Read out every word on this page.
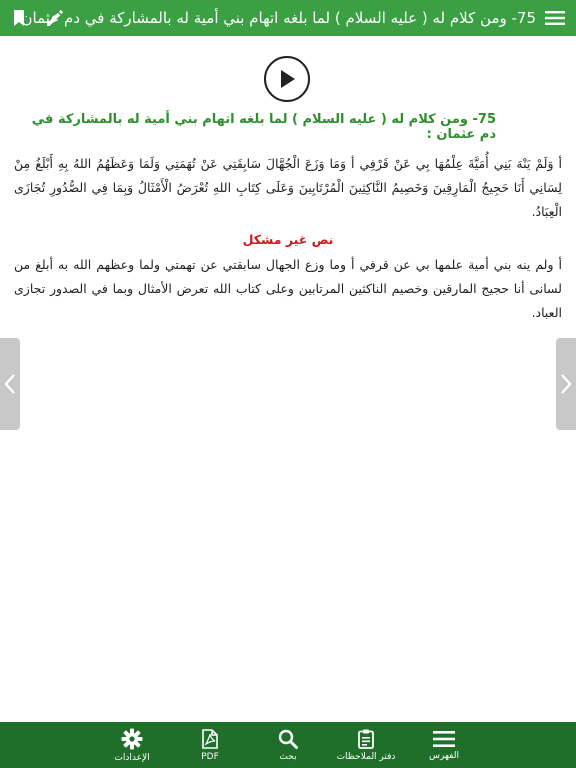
75- ومن كلام له ( عليه السلام ) لما بلغه اتهام بني أمية له بالمشاركة في دم عثمان

75- ومن كلام له ( عليه السلام ) لما بلغه اتهام بني أمية له بالمشاركة في دم عثمان :

أ وَلَمْ يَنْهَ بَنِي أُمَيَّةَ عِلْمُهَا بِي عَنْ قَرْفِي أ وَمَا وَزَعَ الْجُهَّالَ سَابِقَتِي عَنْ تُهَمَتِي وَلَمَا وَعَظَهُمُ اللهُ بِهِ أَبْلَغُ مِنْ لِسَانِي أَنَا حَجِيجُ الْمَارِقِينَ وَخَصِيمُ النَّاكِثِينَ الْمُرْتَابِينَ وَعَلَى كِتَابِ اللهِ تُعْرَضُ الْأَمْثَالُ وَبِمَا فِي الصُّدُورِ تُجَازَى الْعِبَادُ.

نص غير مشكل

أ ولم ينه بني أمية علمها بي عن قرفي أ وما وزع الجهال سابقتي عن تهمتي ولما وعظهم الله به أبلغ من لسانى أنا حجيج المارقين وخصيم الناكثين المرتابين وعلى كتاب الله تعرض الأمثال وبما في الصدور تجازى العباد.

الفهرس
دفتر الملاحظات
بحث
PDF
الإعدادات
